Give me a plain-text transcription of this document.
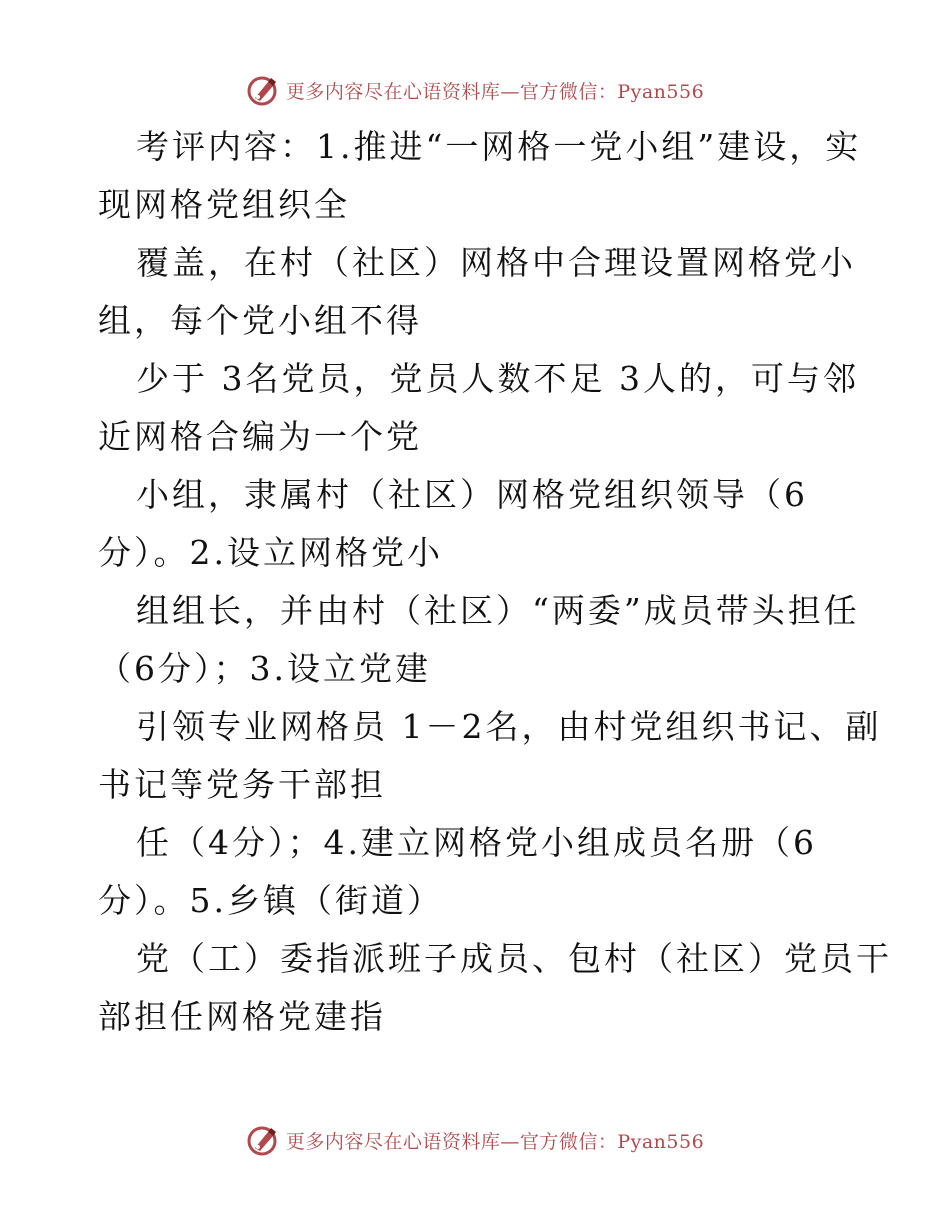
更多内容尽在心语资料库—官方微信：Pyan556
考评内容：1.推进“一网格一党小组”建设，实
现网格党组织全
覆盖，在村（社区）网格中合理设置网格党小
组，每个党小组不得
少于 3名党员，党员人数不足 3人的，可与邻
近网格合编为一个党
小组，隶属村（社区）网格党组织领导（6
分）。2.设立网格党小
组组长，并由村（社区）“两委”成员带头担任
（6分）；3.设立党建
引领专业网格员 1－2名，由村党组织书记、副
书记等党务干部担
任（4分）；4.建立网格党小组成员名册（6
分）。5.乡镇（街道）
党（工）委指派班子成员、包村（社区）党员干
部担任网格党建指
更多内容尽在心语资料库—官方微信：Pyan556
